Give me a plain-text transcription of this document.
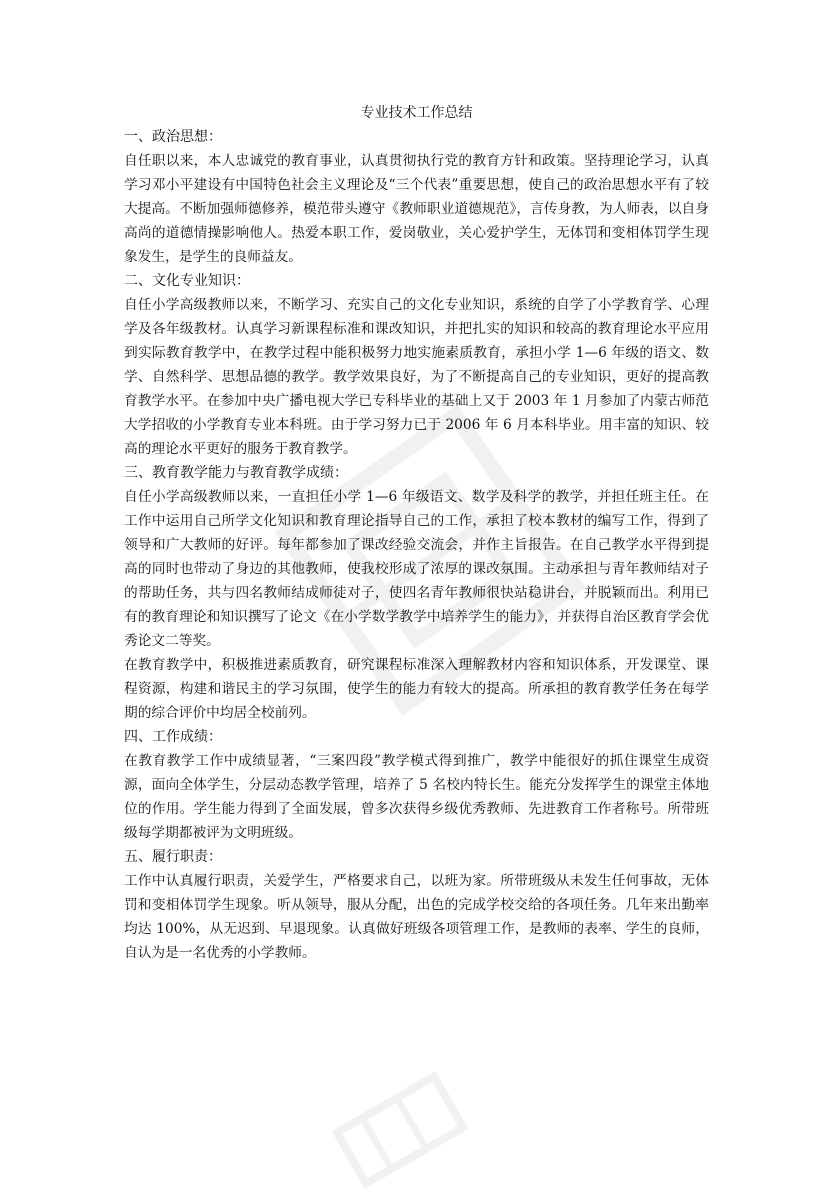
专业技术工作总结

一、政治思想：

自任职以来，本人忠诚党的教育事业，认真贯彻执行党的教育方针和政策。坚持理论学习，认真学习邓小平建设有中国特色社会主义理论及“三个代表”重要思想，使自己的政治思想水平有了较大提高。不断加强师德修养，模范带头遵守《教师职业道德规范》，言传身教，为人师表，以自身高尚的道德情操影响他人。热爱本职工作，爱岗敬业，关心爱护学生，无体罚和变相体罚学生现象发生，是学生的良师益友。

二、文化专业知识：

自任小学高级教师以来，不断学习、充实自己的文化专业知识，系统的自学了小学教育学、心理学及各年级教材。认真学习新课程标准和课改知识，并把扎实的知识和较高的教育理论水平应用到实际教育教学中，在教学过程中能积极努力地实施素质教育，承担小学 1—6 年级的语文、数学、自然科学、思想品德的教学。教学效果良好，为了不断提高自己的专业知识，更好的提高教育教学水平。在参加中央广播电视大学已专科毕业的基础上又于 2003 年 1 月参加了内蒙古师范大学招收的小学教育专业本科班。由于学习努力已于 2006 年 6 月本科毕业。用丰富的知识、较高的理论水平更好的服务于教育教学。

三、教育教学能力与教育教学成绩：

自任小学高级教师以来，一直担任小学 1—6 年级语文、数学及科学的教学，并担任班主任。在工作中运用自己所学文化知识和教育理论指导自己的工作，承担了校本教材的编写工作，得到了领导和广大教师的好评。每年都参加了课改经验交流会，并作主旨报告。在自己教学水平得到提高的同时也带动了身边的其他教师，使我校形成了浓厚的课改氛围。主动承担与青年教师结对子的帮助任务，共与四名教师结成师徒对子，使四名青年教师很快站稳讲台，并脱颖而出。利用已有的教育理论和知识撰写了论文《在小学数学教学中培养学生的能力》，并获得自治区教育学会优秀论文二等奖。

在教育教学中，积极推进素质教育，研究课程标准深入理解教材内容和知识体系，开发课堂、课程资源，构建和谐民主的学习氛围，使学生的能力有较大的提高。所承担的教育教学任务在每学期的综合评价中均居全校前列。

四、工作成绩：

在教育教学工作中成绩显著，“三案四段”教学模式得到推广，教学中能很好的抓住课堂生成资源，面向全体学生，分层动态教学管理，培养了 5 名校内特长生。能充分发挥学生的课堂主体地位的作用。学生能力得到了全面发展，曾多次获得乡级优秀教师、先进教育工作者称号。所带班级每学期都被评为文明班级。

五、履行职责：

工作中认真履行职责，关爱学生，严格要求自己，以班为家。所带班级从未发生任何事故，无体罚和变相体罚学生现象。听从领导，服从分配，出色的完成学校交给的各项任务。几年来出勤率均达 100%，从无迟到、早退现象。认真做好班级各项管理工作，是教师的表率、学生的良师，自认为是一名优秀的小学教师。
